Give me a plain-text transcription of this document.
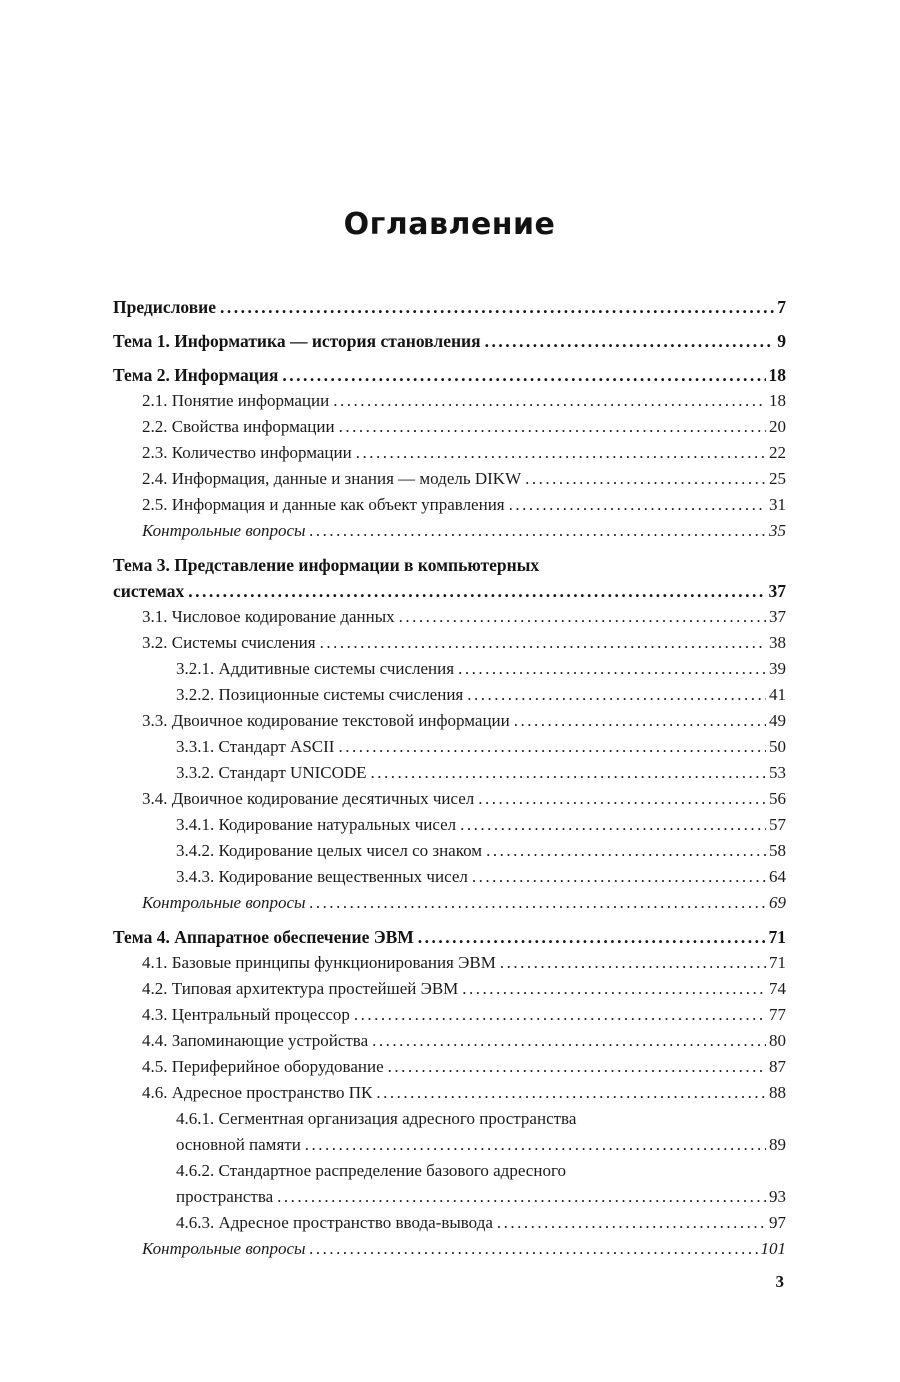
Оглавление
Предисловие .....	7
Тема 1. Информатика — история становления .....	9
Тема 2. Информация .....	18
2.1. Понятие информации .....	18
2.2. Свойства информации .....	20
2.3. Количество информации .....	22
2.4. Информация, данные и знания — модель DIKW .....	25
2.5. Информация и данные как объект управления .....	31
Контрольные вопросы .....	35
Тема 3. Представление информации в компьютерных
системах .....	37
3.1. Числовое кодирование данных .....	37
3.2. Системы счисления .....	38
3.2.1. Аддитивные системы счисления .....	39
3.2.2. Позиционные системы счисления .....	41
3.3. Двоичное кодирование текстовой информации .....	49
3.3.1. Стандарт ASCII .....	50
3.3.2. Стандарт UNICODE .....	53
3.4. Двоичное кодирование десятичных чисел .....	56
3.4.1. Кодирование натуральных чисел .....	57
3.4.2. Кодирование целых чисел со знаком .....	58
3.4.3. Кодирование вещественных чисел .....	64
Контрольные вопросы .....	69
Тема 4. Аппаратное обеспечение ЭВМ .....	71
4.1. Базовые принципы функционирования ЭВМ .....	71
4.2. Типовая архитектура простейшей ЭВМ .....	74
4.3. Центральный процессор .....	77
4.4. Запоминающие устройства .....	80
4.5. Периферийное оборудование .....	87
4.6. Адресное пространство ПК .....	88
4.6.1. Сегментная организация адресного пространства
основной памяти .....	89
4.6.2. Стандартное распределение базового адресного
пространства .....	93
4.6.3. Адресное пространство ввода-вывода .....	97
Контрольные вопросы .....	101
3
